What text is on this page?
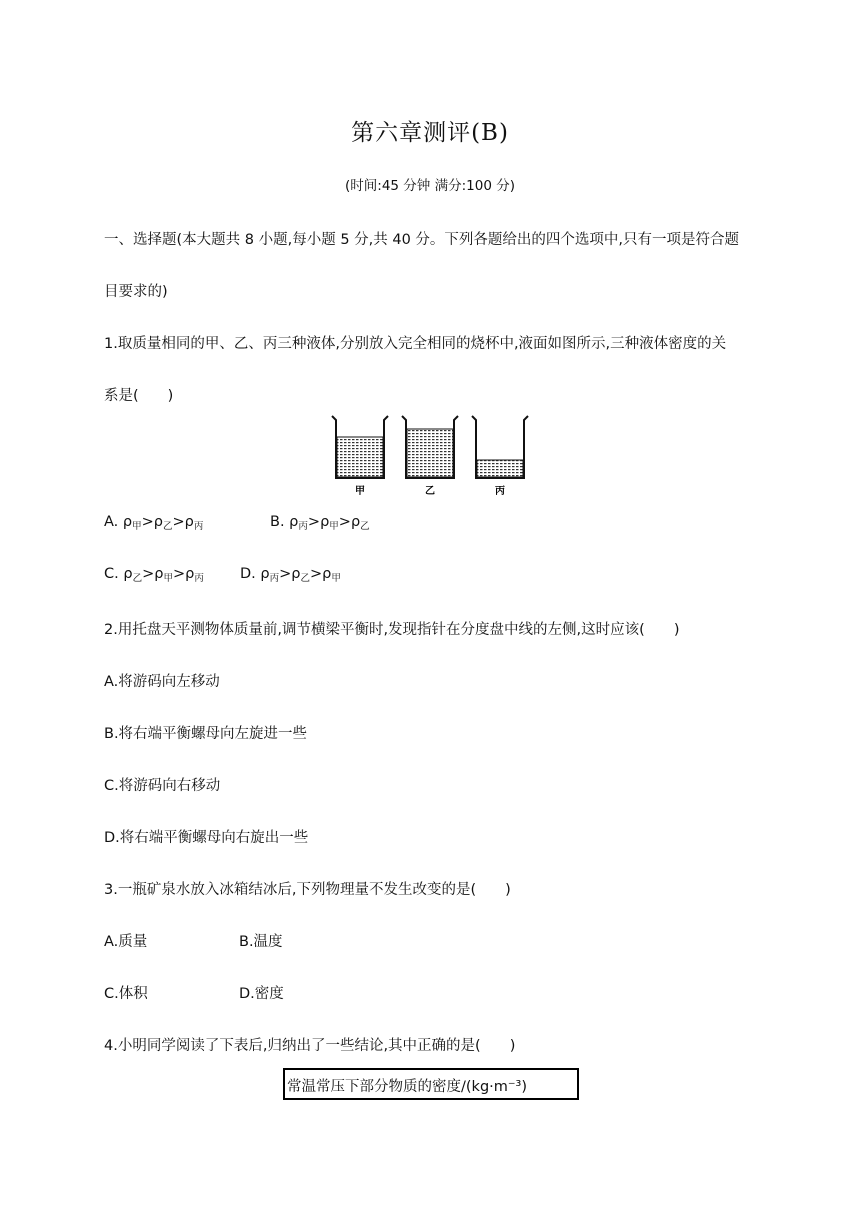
第六章测评(B)
(时间:45 分钟 满分:100 分)
一、选择题(本大题共 8 小题,每小题 5 分,共 40 分。下列各题给出的四个选项中,只有一项是符合题
目要求的)
1.取质量相同的甲、乙、丙三种液体,分别放入完全相同的烧杯中,液面如图所示,三种液体密度的关
系是(　　)
甲	乙	丙
A. $\rho_甲>\rho_乙>\rho_丙$	B. $\rho_丙>\rho_甲>\rho_乙$
C. $\rho_乙>\rho_甲>\rho_丙$ D. $\rho_丙>\rho_乙>\rho_甲$
2.用托盘天平测物体质量前,调节横梁平衡时,发现指针在分度盘中线的左侧,这时应该(　　)
A.将游码向左移动
B.将右端平衡螺母向左旋进一些
C.将游码向右移动
D.将右端平衡螺母向右旋出一些
3.一瓶矿泉水放入冰箱结冰后,下列物理量不发生改变的是(　　)
A.质量	B.温度
C.体积	D.密度
4.小明同学阅读了下表后,归纳出了一些结论,其中正确的是(　　)
常温常压下部分物质的密度/(kg·m⁻³)
